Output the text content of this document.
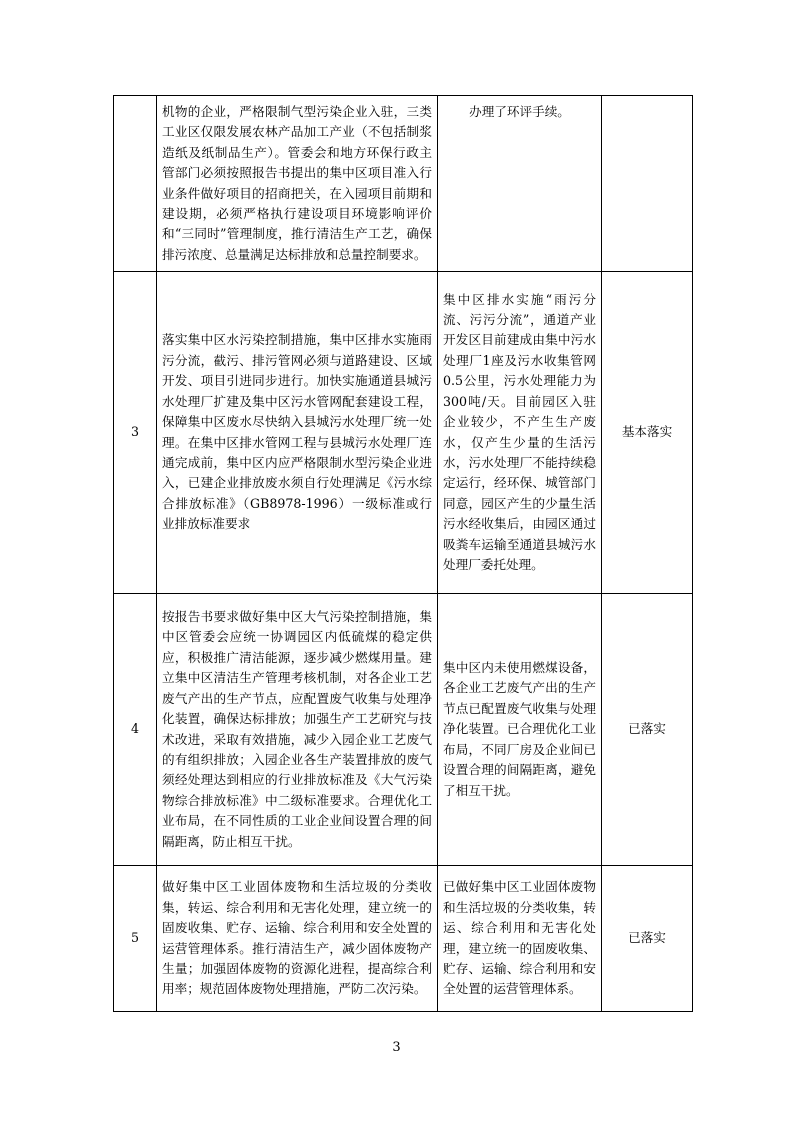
	机物的企业，严格限制气型污染企业入驻，三类工业区仅限发展农林产品加工产业（不包括制浆造纸及纸制品生产）。管委会和地方环保行政主管部门必须按照报告书提出的集中区项目准入行业条件做好项目的招商把关，在入园项目前期和建设期，必须严格执行建设项目环境影响评价和“三同时”管理制度，推行清洁生产工艺，确保排污浓度、总量满足达标排放和总量控制要求。	办理了环评手续。	
3	落实集中区水污染控制措施，集中区排水实施雨污分流，截污、排污管网必须与道路建设、区域开发、项目引进同步进行。加快实施通道县城污水处理厂扩建及集中区污水管网配套建设工程，保障集中区废水尽快纳入县城污水处理厂统一处理。在集中区排水管网工程与县城污水处理厂连通完成前，集中区内应严格限制水型污染企业进入，已建企业排放废水须自行处理满足《污水综合排放标准》（GB8978-1996）一级标准或行业排放标准要求	集中区排水实施“雨污分流、污污分流”，通道产业开发区目前建成由集中污水处理厂1座及污水收集管网0.5公里，污水处理能力为300吨/天。目前园区入驻企业较少，不产生生产废水，仅产生少量的生活污水，污水处理厂不能持续稳定运行，经环保、城管部门同意，园区产生的少量生活污水经收集后，由园区通过吸粪车运输至通道县城污水处理厂委托处理。	基本落实
4	按报告书要求做好集中区大气污染控制措施，集中区管委会应统一协调园区内低硫煤的稳定供应，积极推广清洁能源，逐步减少燃煤用量。建立集中区清洁生产管理考核机制，对各企业工艺废气产出的生产节点，应配置废气收集与处理净化装置，确保达标排放；加强生产工艺研究与技术改进，采取有效措施，减少入园企业工艺废气的有组织排放；入园企业各生产装置排放的废气须经处理达到相应的行业排放标准及《大气污染物综合排放标准》中二级标准要求。合理优化工业布局，在不同性质的工业企业间设置合理的间隔距离，防止相互干扰。	集中区内未使用燃煤设备，各企业工艺废气产出的生产节点已配置废气收集与处理净化装置。已合理优化工业布局，不同厂房及企业间已设置合理的间隔距离，避免了相互干扰。	已落实
5	做好集中区工业固体废物和生活垃圾的分类收集，转运、综合利用和无害化处理，建立统一的固废收集、贮存、运输、综合利用和安全处置的运营管理体系。推行清洁生产，减少固体废物产生量；加强固体废物的资源化进程，提高综合利用率；规范固体废物处理措施，严防二次污染。	已做好集中区工业固体废物和生活垃圾的分类收集，转运、综合利用和无害化处理，建立统一的固废收集、贮存、运输、综合利用和安全处置的运营管理体系。	已落实
3
